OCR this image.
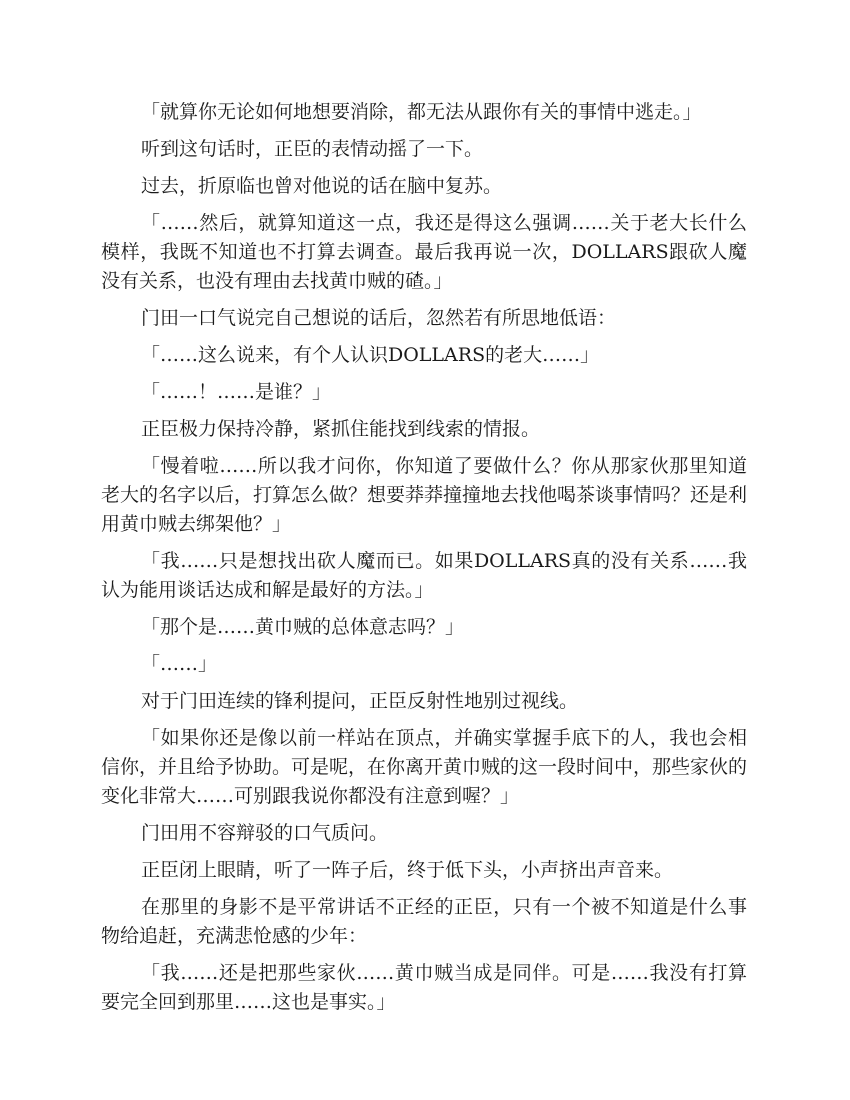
「就算你无论如何地想要消除，都无法从跟你有关的事情中逃走。」

听到这句话时，正臣的表情动摇了一下。

过去，折原临也曾对他说的话在脑中复苏。

「……然后，就算知道这一点，我还是得这么强调……关于老大长什么模样，我既不知道也不打算去调查。最后我再说一次，DOLLARS跟砍人魔没有关系，也没有理由去找黄巾贼的碴。」

门田一口气说完自己想说的话后，忽然若有所思地低语：

「……这么说来，有个人认识DOLLARS的老大……」

「……！……是谁？」

正臣极力保持冷静，紧抓住能找到线索的情报。

「慢着啦……所以我才问你，你知道了要做什么？你从那家伙那里知道老大的名字以后，打算怎么做？想要莽莽撞撞地去找他喝茶谈事情吗？还是利用黄巾贼去绑架他？」

「我……只是想找出砍人魔而已。如果DOLLARS真的没有关系……我认为能用谈话达成和解是最好的方法。」

「那个是……黄巾贼的总体意志吗？」

「……」

对于门田连续的锋利提问，正臣反射性地别过视线。

「如果你还是像以前一样站在顶点，并确实掌握手底下的人，我也会相信你，并且给予协助。可是呢，在你离开黄巾贼的这一段时间中，那些家伙的变化非常大……可别跟我说你都没有注意到喔？」

门田用不容辩驳的口气质问。

正臣闭上眼睛，听了一阵子后，终于低下头，小声挤出声音来。

在那里的身影不是平常讲话不正经的正臣，只有一个被不知道是什么事物给追赶，充满悲怆感的少年：

「我……还是把那些家伙……黄巾贼当成是同伴。可是……我没有打算要完全回到那里……这也是事实。」
